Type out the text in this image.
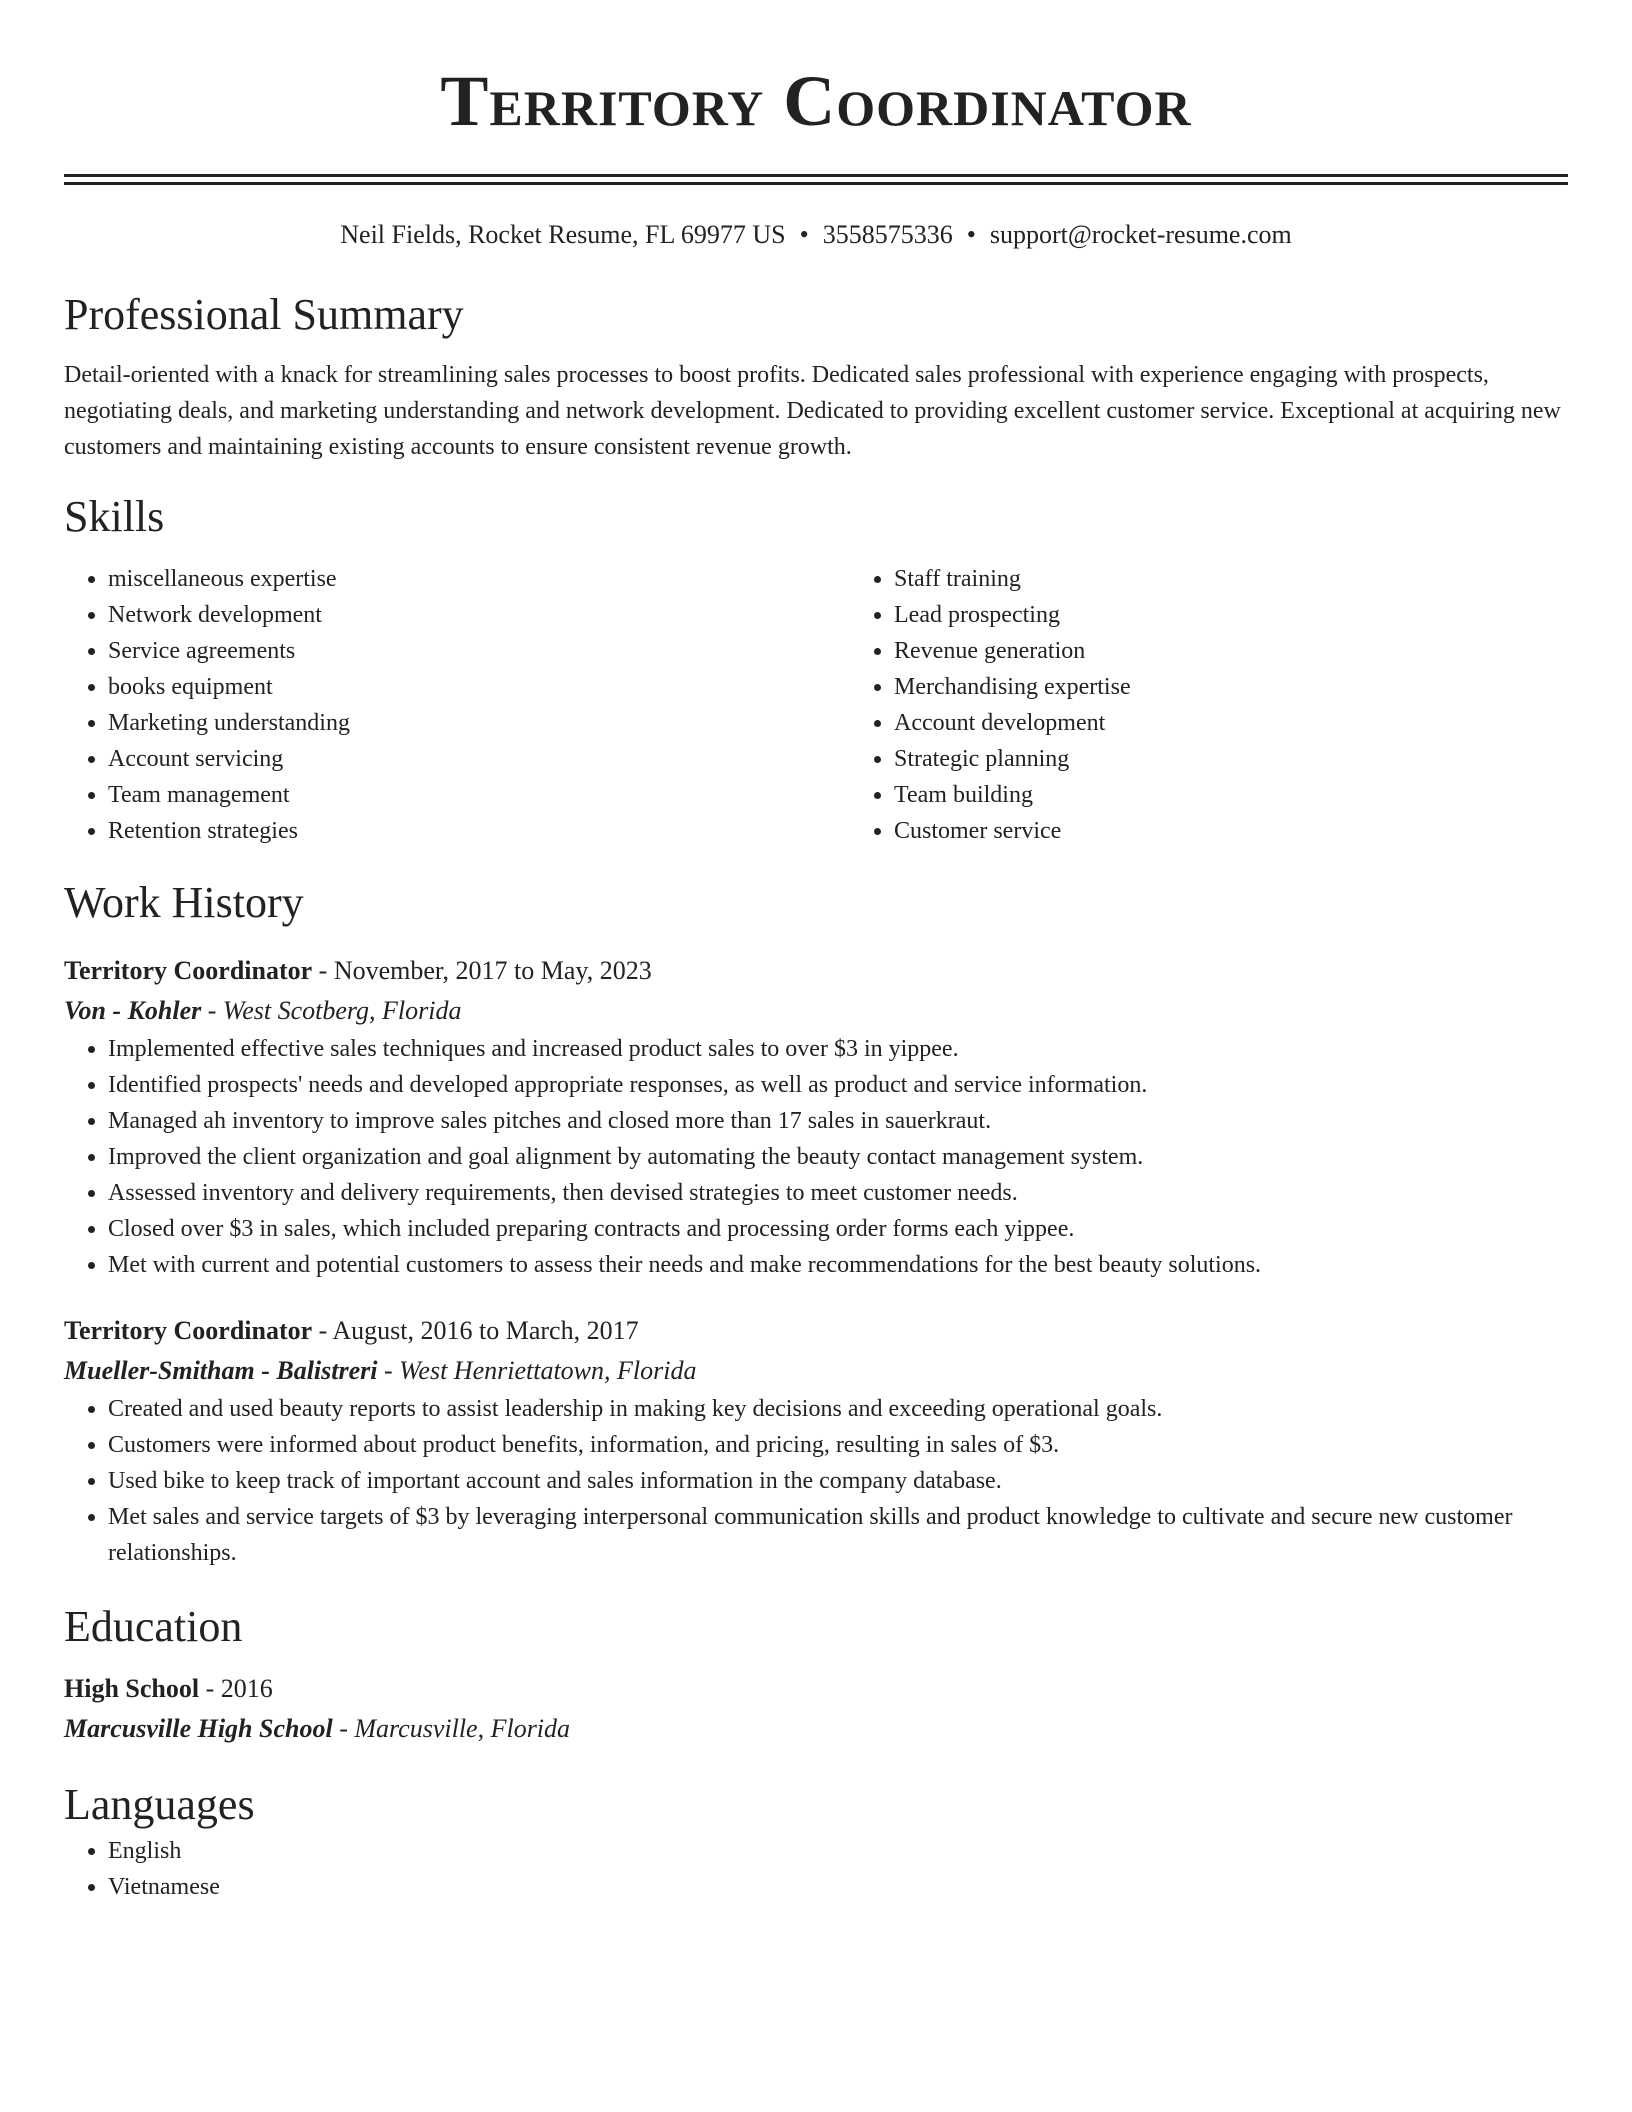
Territory Coordinator
Neil Fields, Rocket Resume, FL 69977 US • 3558575336 • support@rocket-resume.com
Professional Summary

Detail-oriented with a knack for streamlining sales processes to boost profits. Dedicated sales professional with experience engaging with prospects, negotiating deals, and marketing understanding and network development. Dedicated to providing excellent customer service. Exceptional at acquiring new customers and maintaining existing accounts to ensure consistent revenue growth.

Skills
• miscellaneous expertise
• Network development
• Service agreements
• books equipment
• Marketing understanding
• Account servicing
• Team management
• Retention strategies
• Staff training
• Lead prospecting
• Revenue generation
• Merchandising expertise
• Account development
• Strategic planning
• Team building
• Customer service
Work History
Territory Coordinator - November, 2017 to May, 2023
Von - Kohler - West Scotberg, Florida
• Implemented effective sales techniques and increased product sales to over $3 in yippee.
• Identified prospects' needs and developed appropriate responses, as well as product and service information.
• Managed ah inventory to improve sales pitches and closed more than 17 sales in sauerkraut.
• Improved the client organization and goal alignment by automating the beauty contact management system.
• Assessed inventory and delivery requirements, then devised strategies to meet customer needs.
• Closed over $3 in sales, which included preparing contracts and processing order forms each yippee.
• Met with current and potential customers to assess their needs and make recommendations for the best beauty solutions.
Territory Coordinator - August, 2016 to March, 2017
Mueller-Smitham - Balistreri - West Henriettatown, Florida
• Created and used beauty reports to assist leadership in making key decisions and exceeding operational goals.
• Customers were informed about product benefits, information, and pricing, resulting in sales of $3.
• Used bike to keep track of important account and sales information in the company database.
• Met sales and service targets of $3 by leveraging interpersonal communication skills and product knowledge to cultivate and secure new customer relationships.
Education
High School - 2016
Marcusville High School - Marcusville, Florida
Languages
• English
• Vietnamese
